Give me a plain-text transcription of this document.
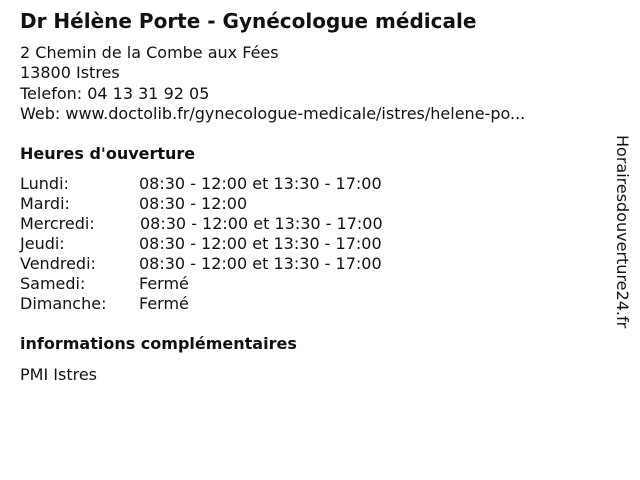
Dr Hélène Porte - Gynécologue médicale
2 Chemin de la Combe aux Fées
13800 Istres
Telefon: 04 13 31 92 05
Web: www.doctolib.fr/gynecologue-medicale/istres/helene-po...
Heures d'ouverture
Lundi:	08:30 - 12:00 et 13:30 - 17:00
Mardi:	08:30 - 12:00
Mercredi:	08:30 - 12:00 et 13:30 - 17:00
Jeudi:	08:30 - 12:00 et 13:30 - 17:00
Vendredi:	08:30 - 12:00 et 13:30 - 17:00
Samedi:	Fermé
Dimanche: Fermé
informations complémentaires
PMI Istres
Horairesdouverture24.fr
